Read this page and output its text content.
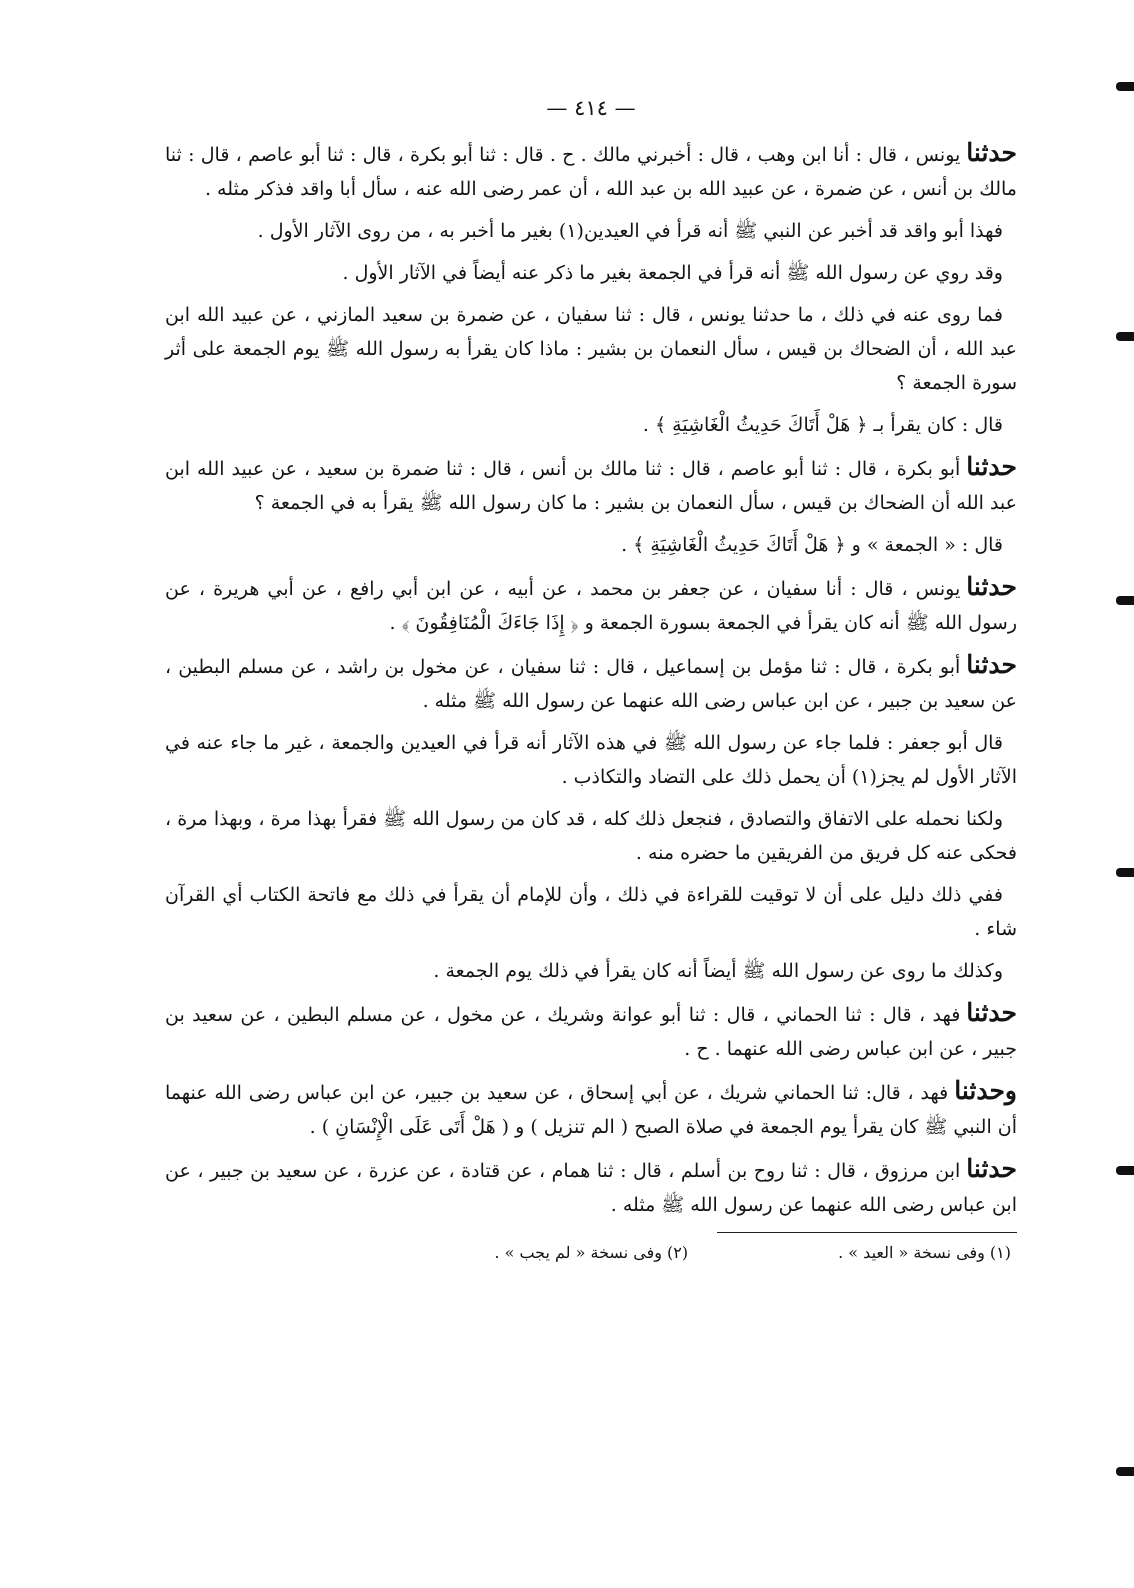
— ٤١٤ —
حدثنايونس ، قال : أنا ابن وهب ، قال : أخبرني مالك . ح . قال : ثنا أبو بكرة ، قال : ثنا أبو عاصم ، قال : ثنا مالك بن أنس ، عن ضمرة ، عن عبيد الله بن عبد الله ، أن عمر رضى الله عنه ، سأل أبا واقد فذكر مثله .
فهذا أبو واقد قد أخبر عن النبي ﷺ أنه قرأ في العيدين(١) بغير ما أخبر به ، من روى الآثار الأول .
وقد روي عن رسول الله ﷺ أنه قرأ في الجمعة بغير ما ذكر عنه أيضاً في الآثار الأول .
فما روى عنه في ذلك ، ما حدثنا يونس ، قال : ثنا سفيان ، عن ضمرة بن سعيد المازني ، عن عبيد الله ابن عبد الله ، أن الضحاك بن قيس ، سأل النعمان بن بشير : ماذا كان يقرأ به رسول الله ﷺ يوم الجمعة على أثر سورة الجمعة ؟
قال : كان يقرأ بـ ﴿ هَلْ أَتَاكَ حَدِيثُ الْغَاشِيَةِ ﴾ .
حدثناأبو بكرة ، قال : ثنا أبو عاصم ، قال : ثنا مالك بن أنس ، قال : ثنا ضمرة بن سعيد ، عن عبيد الله ابن عبد الله أن الضحاك بن قيس ، سأل النعمان بن بشير : ما كان رسول الله ﷺ يقرأ به في الجمعة ؟
قال : « الجمعة » و ﴿ هَلْ أَتَاكَ حَدِيثُ الْغَاشِيَةِ ﴾ .
حدثنايونس ، قال : أنا سفيان ، عن جعفر بن محمد ، عن أبيه ، عن ابن أبي رافع ، عن أبي هريرة ، عن رسول الله ﷺ أنه كان يقرأ في الجمعة بسورة الجمعة و ﴿ إِذَا جَاءَكَ الْمُنَافِقُونَ ﴾ .
حدثناأبو بكرة ، قال : ثنا مؤمل بن إسماعيل ، قال : ثنا سفيان ، عن مخول بن راشد ، عن مسلم البطين ، عن سعيد بن جبير ، عن ابن عباس رضى الله عنهما عن رسول الله ﷺ مثله .
قال أبو جعفر : فلما جاء عن رسول الله ﷺ في هذه الآثار أنه قرأ في العيدين والجمعة ، غير ما جاء عنه في الآثار الأول لم يجز(١) أن يحمل ذلك على التضاد والتكاذب .
ولكنا نحمله على الاتفاق والتصادق ، فنجعل ذلك كله ، قد كان من رسول الله ﷺ فقرأ بهذا مرة ، وبهذا مرة ، فحكى عنه كل فريق من الفريقين ما حضره منه .
ففي ذلك دليل على أن لا توقيت للقراءة في ذلك ، وأن للإمام أن يقرأ في ذلك مع فاتحة الكتاب أي القرآن شاء .
وكذلك ما روى عن رسول الله ﷺ أيضاً أنه كان يقرأ في ذلك يوم الجمعة .
حدثنافهد ، قال : ثنا الحماني ، قال : ثنا أبو عوانة وشريك ، عن مخول ، عن مسلم البطين ، عن سعيد بن جبير ، عن ابن عباس رضى الله عنهما . ح .
وحدثنافهد ، قال: ثنا الحماني شريك ، عن أبي إسحاق ، عن سعيد بن جبير، عن ابن عباس رضى الله عنهما أن النبي ﷺ كان يقرأ يوم الجمعة في صلاة الصبح ( الم تنزيل ) و ( هَلْ أَتَى عَلَى الْإِنْسَانِ ) .
حدثناابن مرزوق ، قال : ثنا روح بن أسلم ، قال : ثنا همام ، عن قتادة ، عن عزرة ، عن سعيد بن جبير ، عن ابن عباس رضى الله عنهما عن رسول الله ﷺ مثله .
(١) وفى نسخة « العيد » .
(٢) وفى نسخة « لم يجب » .
